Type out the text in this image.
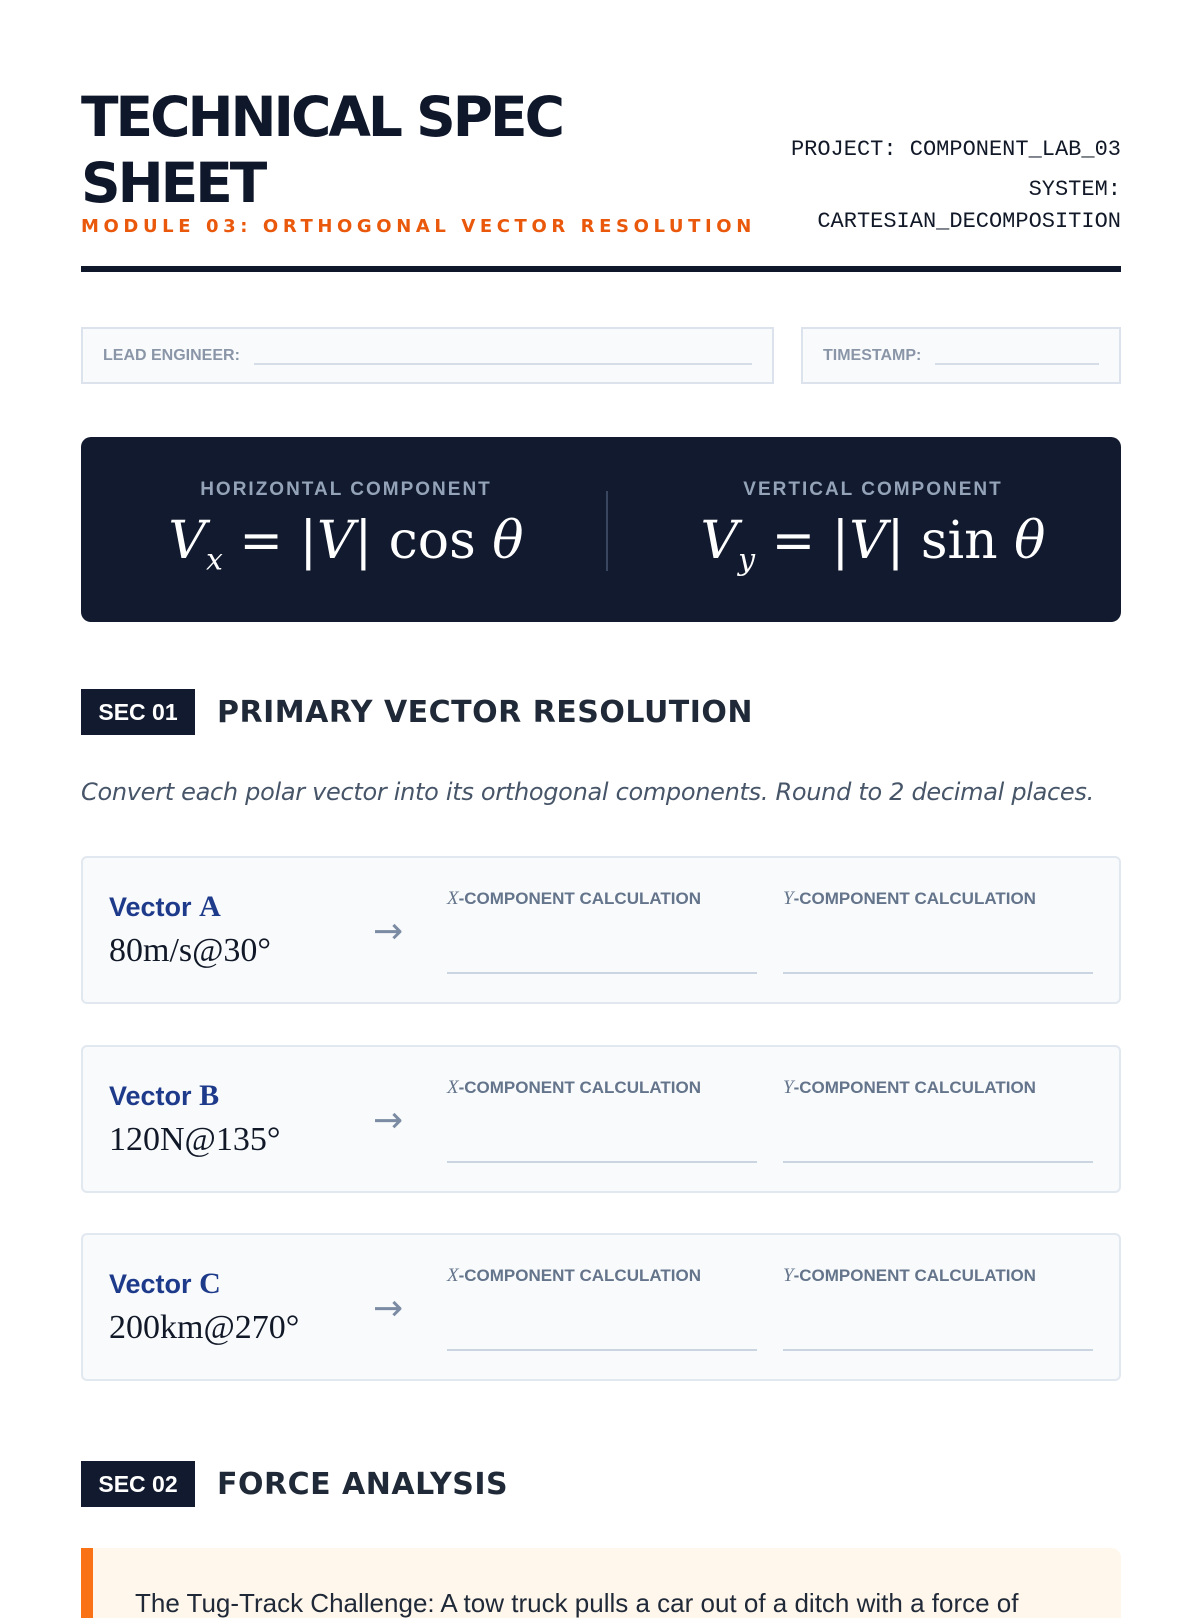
TECHNICAL SPEC SHEET
MODULE 03: ORTHOGONAL VECTOR RESOLUTION
PROJECT: COMPONENT_LAB_03
SYSTEM:
CARTESIAN_DECOMPOSITION
LEAD ENGINEER:	TIMESTAMP:
HORIZONTAL COMPONENT
$V_x = |V|$ cos θ
VERTICAL COMPONENT
$V_y = |V|$ sin θ
SEC 01	PRIMARY VECTOR RESOLUTION
Convert each polar vector into its orthogonal components. Round to 2 decimal places.
Vector A
80m/s@30°	→
X-COMPONENT CALCULATION	Y-COMPONENT CALCULATION
Vector B
120N@135°	→
X-COMPONENT CALCULATION	Y-COMPONENT CALCULATION
Vector C
200km@270° →
X-COMPONENT CALCULATION	Y-COMPONENT CALCULATION
SEC 02	FORCE ANALYSIS
The Tug-Track Challenge: A tow truck pulls a car out of a ditch with a force of
